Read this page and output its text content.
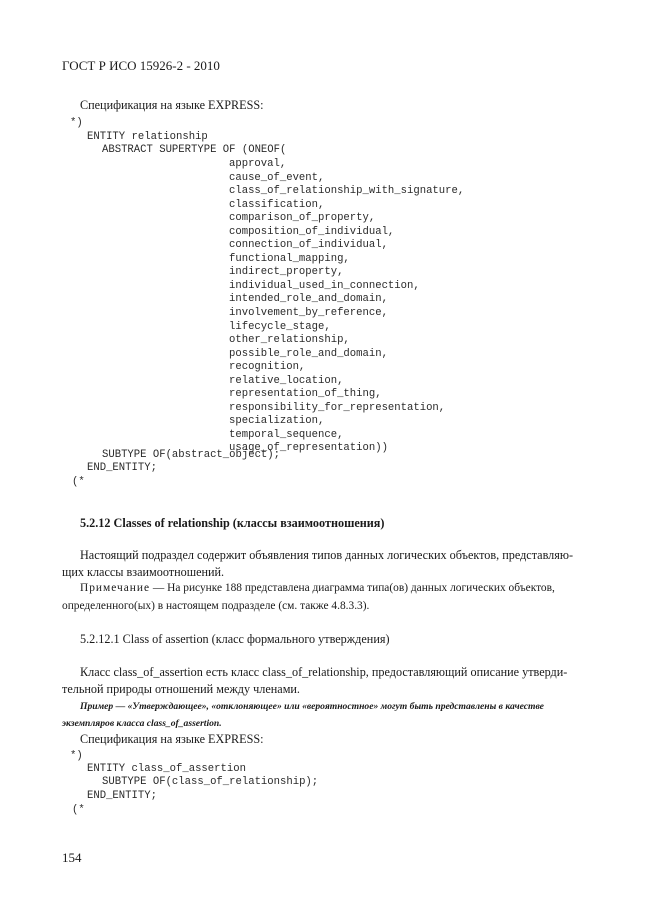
ГОСТ Р ИСО 15926-2 - 2010
Спецификация на языке EXPRESS:
*)
ENTITY relationship
ABSTRACT SUPERTYPE OF (ONEOF(
approval,
cause_of_event,
class_of_relationship_with_signature,
classification,
comparison_of_property,
composition_of_individual,
connection_of_individual,
functional_mapping,
indirect_property,
individual_used_in_connection,
intended_role_and_domain,
involvement_by_reference,
lifecycle_stage,
other_relationship,
possible_role_and_domain,
recognition,
relative_location,
representation_of_thing,
responsibility_for_representation,
specialization,
temporal_sequence,
usage_of_representation))
SUBTYPE OF(abstract_object);
END_ENTITY;
(*
5.2.12 Classes of relationship (классы взаимоотношения)
Настоящий подраздел содержит объявления типов данных логических объектов, представляю-
щих классы взаимоотношений.
Примечание — На рисунке 188 представлена диаграмма типа(ов) данных логических объектов,
определенного(ых) в настоящем подразделе (см. также 4.8.3.3).
5.2.12.1 Class of assertion (класс формального утверждения)
Класс class_of_assertion есть класс class_of_relationship, предоставляющий описание утверди-
тельной природы отношений между членами.
Пример — «Утверждающее», «отклоняющее» или «вероятностное» могут быть представлены в качестве
экземпляров класса class_of_assertion.
Спецификация на языке EXPRESS:
*)
ENTITY class_of_assertion
SUBTYPE OF(class_of_relationship);
END_ENTITY;
(*
154
